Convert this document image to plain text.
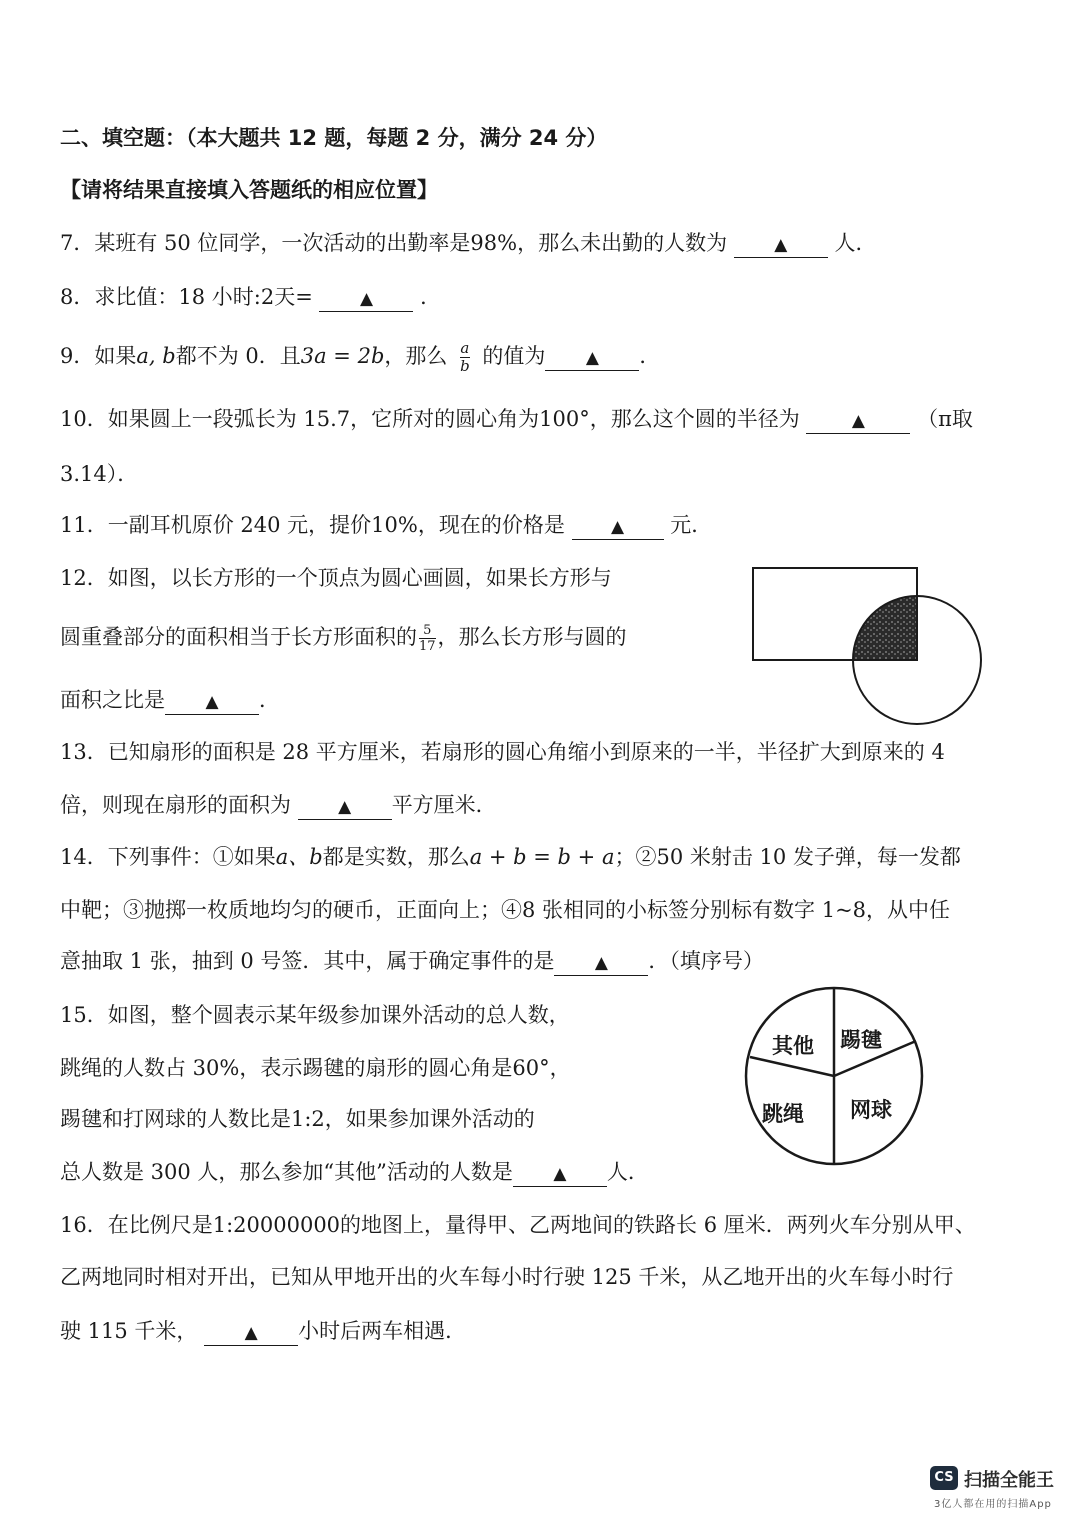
二、填空题：（本大题共 12 题，每题 2 分，满分 24 分）
【请将结果直接填入答题纸的相应位置】
7．某班有 50 位同学，一次活动的出勤率是98%，那么未出勤的人数为	▲ 人．
8．求比值：18 小时:2天=	▲ ．
9．如果a, b都不为 0．且3a = 2b，那么 $\frac{a}{b}$ 的值为 ▲ ．
10．如果圆上一段弧长为 15.7，它所对的圆心角为100°，那么这个圆的半径为	▲ （π取
3.14）．
11．一副耳机原价 240 元，提价10%，现在的价格是	▲ 元．
12．如图，以长方形的一个顶点为圆心画圆，如果长方形与
圆重叠部分的面积相当于长方形面积的 $\frac{5}{17}$ ，那么长方形与圆的
面积之比是 ▲ ．
13．已知扇形的面积是 28 平方厘米，若扇形的圆心角缩小到原来的一半，半径扩大到原来的 4
倍，则现在扇形的面积为	▲ 平方厘米．
14．下列事件：①如果a、b都是实数，那么a + b = b + a；②50 米射击 10 发子弹，每一发都
中靶；③抛掷一枚质地均匀的硬币，正面向上；④8 张相同的小标签分别标有数字 1~8，从中任
意抽取 1 张，抽到 0 号签．其中，属于确定事件的是 ▲ ．（填序号）
15．如图，整个圆表示某年级参加课外活动的总人数，
跳绳的人数占 30%，表示踢毽的扇形的圆心角是60°，
踢毽和打网球的人数比是1:2，如果参加课外活动的
总人数是 300 人，那么参加“其他”活动的人数是 ▲ 人．
其他 踢毽
跳绳 网球
16．在比例尺是1:20000000的地图上，量得甲、乙两地间的铁路长 6 厘米．两列火车分别从甲、
乙两地同时相对开出，已知从甲地开出的火车每小时行驶 125 千米，从乙地开出的火车每小时行
驶 115 千米，	▲ 小时后两车相遇．
CS 扫描全能王
3亿人都在用的扫描App
